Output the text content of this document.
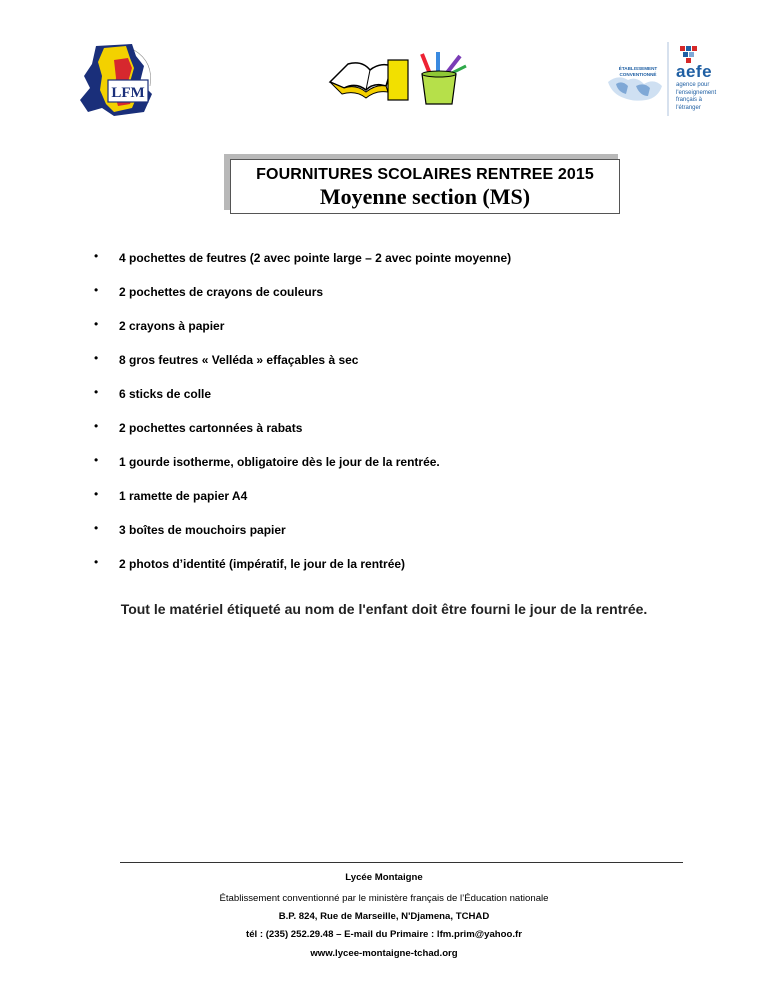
LFM
ÉTABLISSEMENT CONVENTIONNÉ	aefe
agence pour l'enseignement français à l'étranger
FOURNITURES SCOLAIRES RENTREE 2015
Moyenne section (MS)
• 4 pochettes de feutres (2 avec pointe large – 2 avec pointe moyenne)
• 2 pochettes de crayons de couleurs
• 2 crayons à papier
• 8 gros feutres « Velléda » effaçables à sec
• 6 sticks de colle
• 2 pochettes cartonnées à rabats
• 1 gourde isotherme, obligatoire dès le jour de la rentrée.
• 1 ramette de papier A4
• 3 boîtes de mouchoirs papier
• 2 photos d’identité (impératif, le jour de la rentrée)
Tout le matériel étiqueté au nom de l'enfant doit être fourni le jour de la rentrée.
Lycée Montaigne
Établissement conventionné par le ministère français de l’Éducation nationale
B.P. 824, Rue de Marseille, N'Djamena, TCHAD
tél : (235) 252.29.48 – E-mail du Primaire : lfm.prim@yahoo.fr
www.lycee-montaigne-tchad.org
